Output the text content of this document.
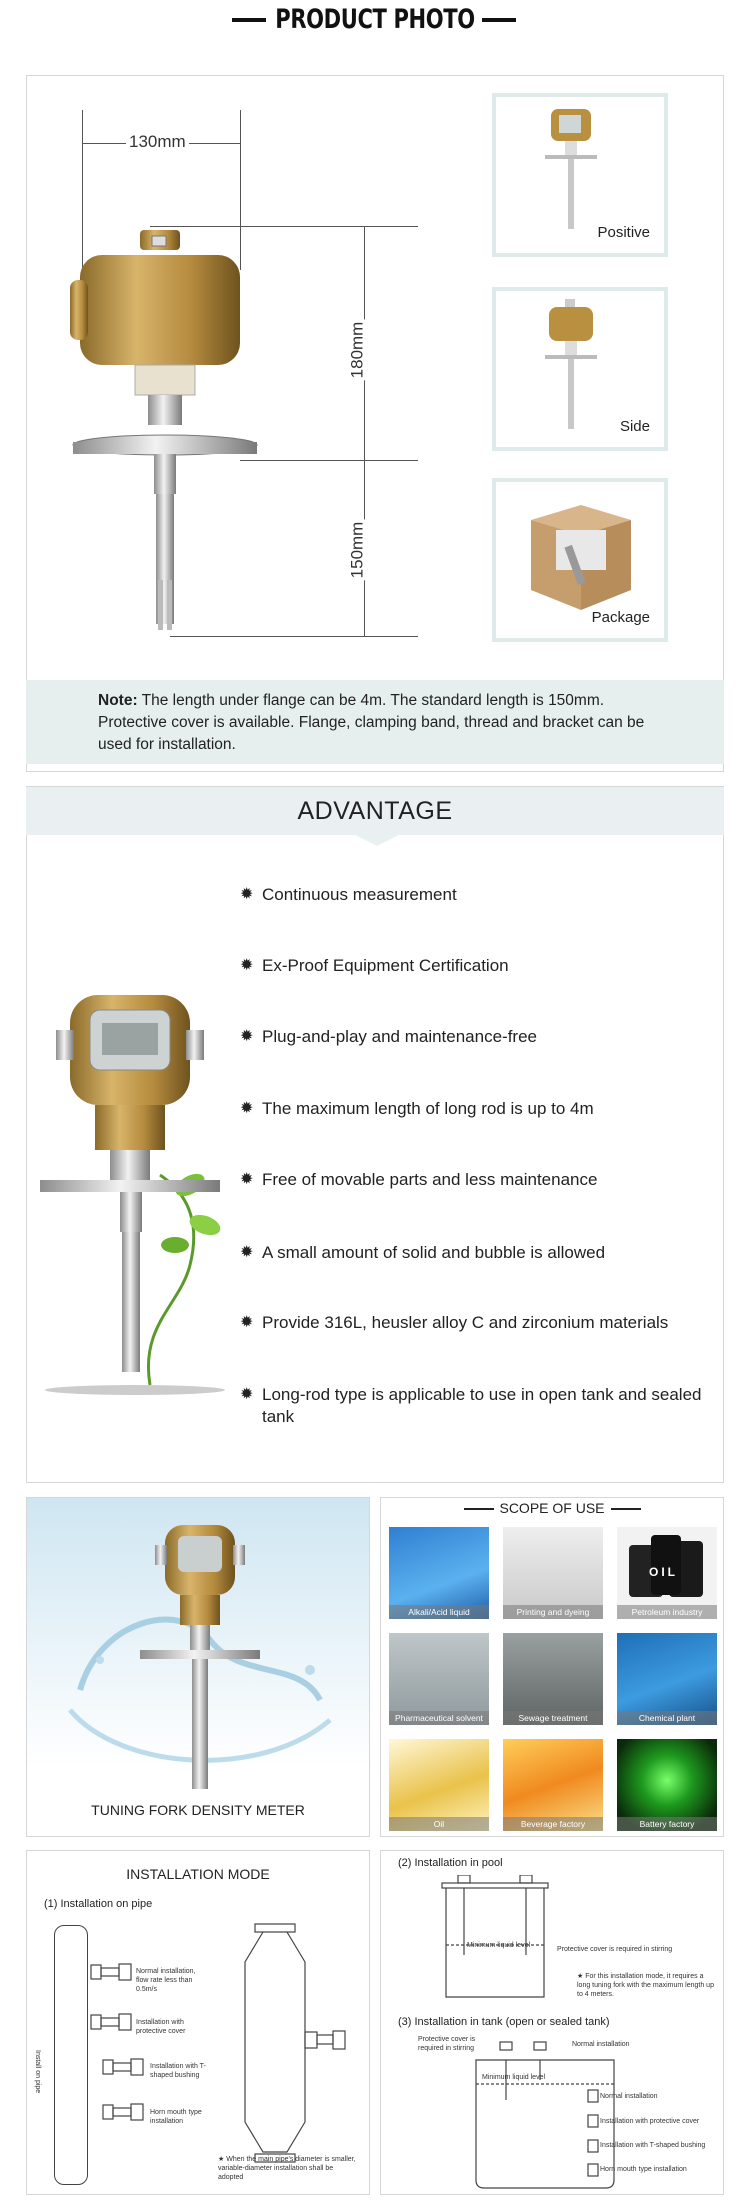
PRODUCT PHOTO
130mm
180mm
150mm
Positive
Side
Package
Note: The length under flange can be 4m. The standard length is 150mm. Protective cover is available. Flange, clamping band, thread and bracket can be used for installation.
ADVANTAGE
✹ Continuous measurement
✹ Ex-Proof Equipment Certification
✹ Plug-and-play and maintenance-free
✹ The maximum length of long rod is up to 4m
✹ Free of movable parts and less maintenance
✹ A small amount of solid and bubble is allowed
✹ Provide 316L, heusler alloy C and zirconium materials
✹ Long-rod type is applicable to use in open tank and sealed tank
TUNING FORK DENSITY METER
SCOPE OF USE
Alkali/Acid liquid	Printing and dyeing factory
OIL
Petroleum industry
Pharmaceutical solvent	Sewage treatment process
Chemical plant
Oil	Beverage factory	Battery factory
INSTALLATION MODE
(1) Installation on pipe
Install on pipe
Normal installation, flow rate less than 0.5m/s
Installation with protective cover
Installation with T-shaped bushing
Horn mouth type installation
★ When the main pipe's diameter is smaller, variable-diameter installation shall be adopted
(2) Installation in pool
Minimum liquid level
Protective cover is required in stirring
★ For this installation mode, it requires a long tuning fork with the maximum length up to 4 meters.
(3) Installation in tank (open or sealed tank)
Protective cover is required in stirring
Normal installation
Minimum liquid level
Normal installation
Installation with protective cover
Installation with T-shaped bushing
Horn mouth type installation
